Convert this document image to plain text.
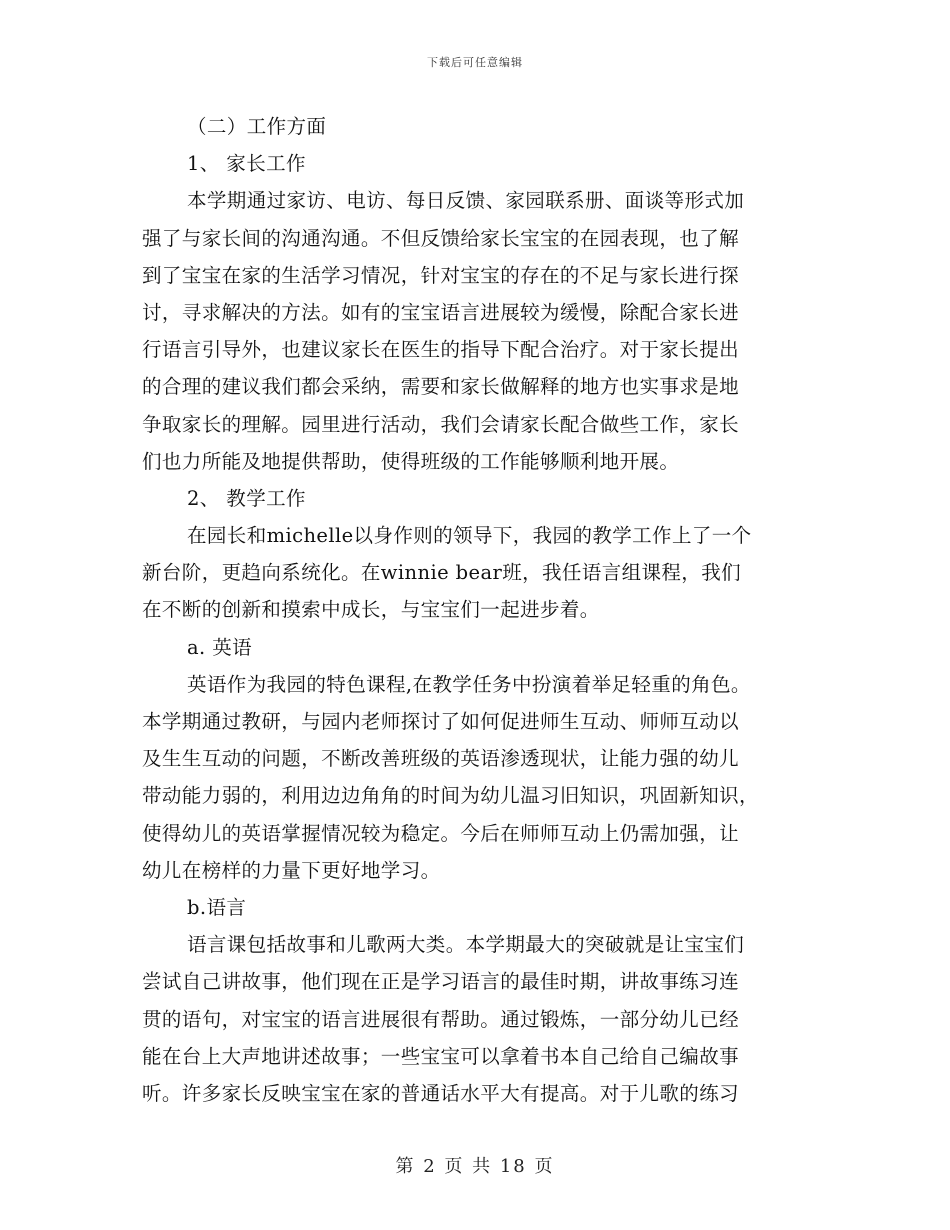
下载后可任意编辑
（二）工作方面
1、 家长工作
本学期通过家访、电访、每日反馈、家园联系册、面谈等形式加
强了与家长间的沟通沟通。不但反馈给家长宝宝的在园表现，也了解
到了宝宝在家的生活学习情况，针对宝宝的存在的不足与家长进行探
讨，寻求解决的方法。如有的宝宝语言进展较为缓慢，除配合家长进
行语言引导外，也建议家长在医生的指导下配合治疗。对于家长提出
的合理的建议我们都会采纳，需要和家长做解释的地方也实事求是地
争取家长的理解。园里进行活动，我们会请家长配合做些工作，家长
们也力所能及地提供帮助，使得班级的工作能够顺利地开展。
2、 教学工作
在园长和michelle以身作则的领导下，我园的教学工作上了一个
新台阶，更趋向系统化。在winnie bear班，我任语言组课程，我们
在不断的创新和摸索中成长，与宝宝们一起进步着。
a. 英语
英语作为我园的特色课程,在教学任务中扮演着举足轻重的角色。
本学期通过教研，与园内老师探讨了如何促进师生互动、师师互动以
及生生互动的问题，不断改善班级的英语渗透现状，让能力强的幼儿
带动能力弱的，利用边边角角的时间为幼儿温习旧知识，巩固新知识，
使得幼儿的英语掌握情况较为稳定。今后在师师互动上仍需加强，让
幼儿在榜样的力量下更好地学习。
b.语言
语言课包括故事和儿歌两大类。本学期最大的突破就是让宝宝们
尝试自己讲故事，他们现在正是学习语言的最佳时期，讲故事练习连
贯的语句，对宝宝的语言进展很有帮助。通过锻炼，一部分幼儿已经
能在台上大声地讲述故事；一些宝宝可以拿着书本自己给自己编故事
听。许多家长反映宝宝在家的普通话水平大有提高。对于儿歌的练习
第 2 页 共 18 页
